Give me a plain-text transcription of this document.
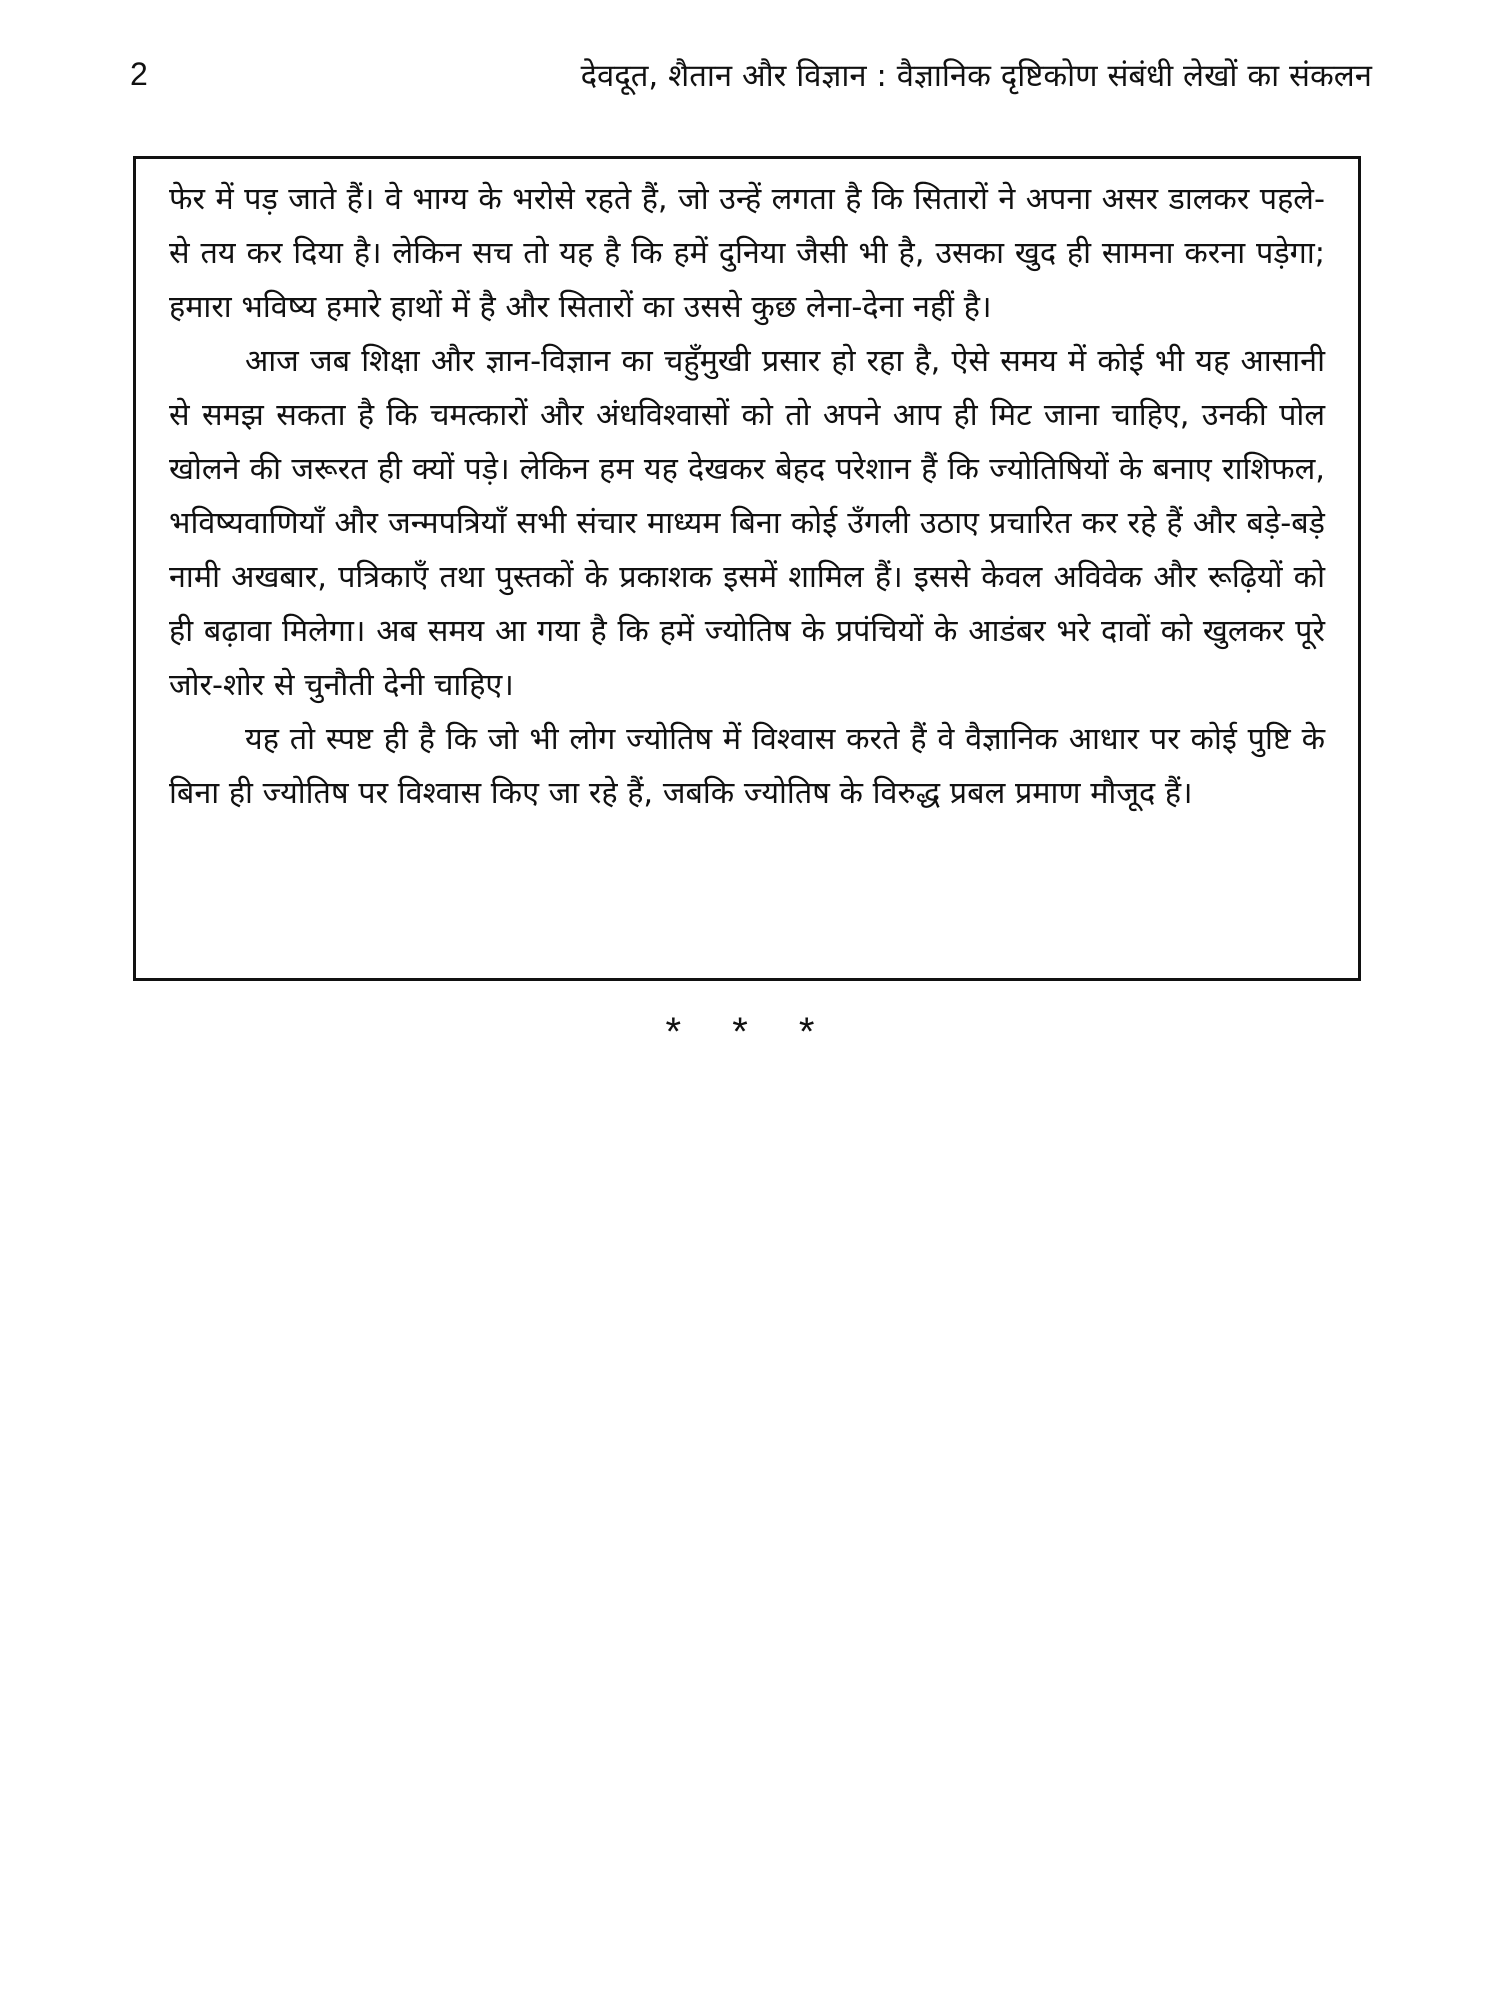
2	देवदूत, शैतान और विज्ञान : वैज्ञानिक दृष्टिकोण संबंधी लेखों का संकलन

फेर में पड़ जाते हैं। वे भाग्य के भरोसे रहते हैं, जो उन्हें लगता है कि सितारों ने अपना असर डालकर पहले-से तय कर दिया है। लेकिन सच तो यह है कि हमें दुनिया जैसी भी है, उसका खुद ही सामना करना पड़ेगा; हमारा भविष्य हमारे हाथों में है और सितारों का उससे कुछ लेना-देना नहीं है।

आज जब शिक्षा और ज्ञान-विज्ञान का चहुँमुखी प्रसार हो रहा है, ऐसे समय में कोई भी यह आसानी से समझ सकता है कि चमत्कारों और अंधविश्वासों को तो अपने आप ही मिट जाना चाहिए, उनकी पोल खोलने की जरूरत ही क्यों पड़े। लेकिन हम यह देखकर बेहद परेशान हैं कि ज्योतिषियों के बनाए राशिफल, भविष्यवाणियाँ और जन्मपत्रियाँ सभी संचार माध्यम बिना कोई उँगली उठाए प्रचारित कर रहे हैं और बड़े-बड़े नामी अखबार, पत्रिकाएँ तथा पुस्तकों के प्रकाशक इसमें शामिल हैं। इससे केवल अविवेक और रूढ़ियों को ही बढ़ावा मिलेगा। अब समय आ गया है कि हमें ज्योतिष के प्रपंचियों के आडंबर भरे दावों को खुलकर पूरे जोर-शोर से चुनौती देनी चाहिए।

यह तो स्पष्ट ही है कि जो भी लोग ज्योतिष में विश्वास करते हैं वे वैज्ञानिक आधार पर कोई पुष्टि के बिना ही ज्योतिष पर विश्वास किए जा रहे हैं, जबकि ज्योतिष के विरुद्ध प्रबल प्रमाण मौजूद हैं।

* * *
